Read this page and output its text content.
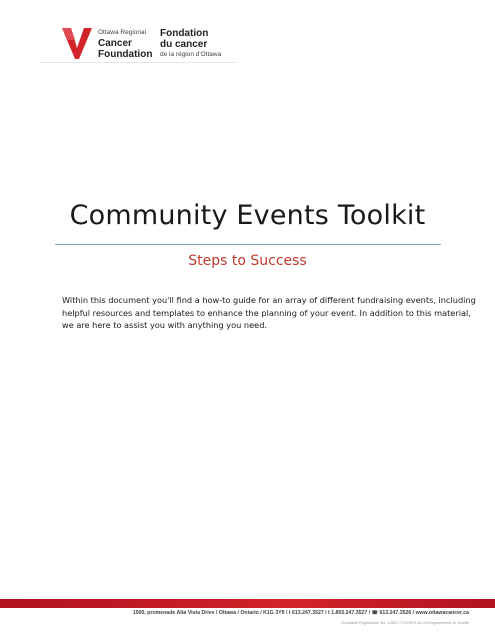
Ottawa Regional
Cancer
Foundation
Fondation
du cancer
de la région d'Ottawa
Community Events Toolkit
Steps to Success
Within this document you'll find a how-to guide for an array of different fundraising events, including
helpful resources and templates to enhance the planning of your event. In addition to this material,
we are here to assist you with anything you need.
1500, promenade Alta Vista Drive / Ottawa / Ontario / K1G 3Y9 / t 613.247.3527 / t 1.855.247.3527 / ☎ 613.247.3526 / www.ottawacancer.ca
Charitable Registration No. 10812 7178 RR0 No d'enregistrement de charité
